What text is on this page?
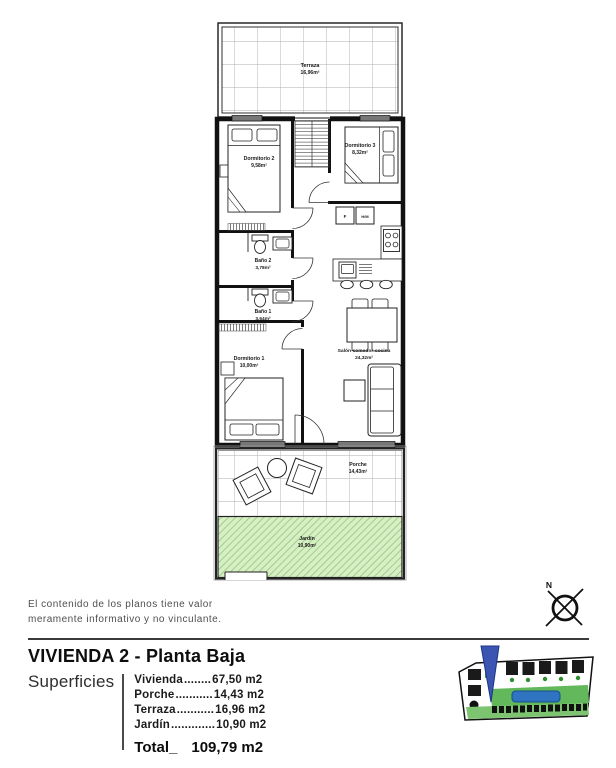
Terraza
16,96m²
Dormitorio 2
9,58m²
Dormitorio 3
8,32m²
F	H/M
Baño 2
3,78m²
Baño 1
3,64m²
Dormitorio 1
10,00m²
Salón-comedor-cocina
24,32m²
Porche
14,43m²
Jardín
10,90m²
El contenido de los planos tiene valor
meramente informativo y no vinculante.
N
VIVIENDA 2 - Planta Baja
Superficies Vivienda ........ 67,50 m2
Porche ........... 14,43 m2
Terraza ........... 16,96 m2
Jardín ............. 10,90 m2
Total_ 109,79 m2
